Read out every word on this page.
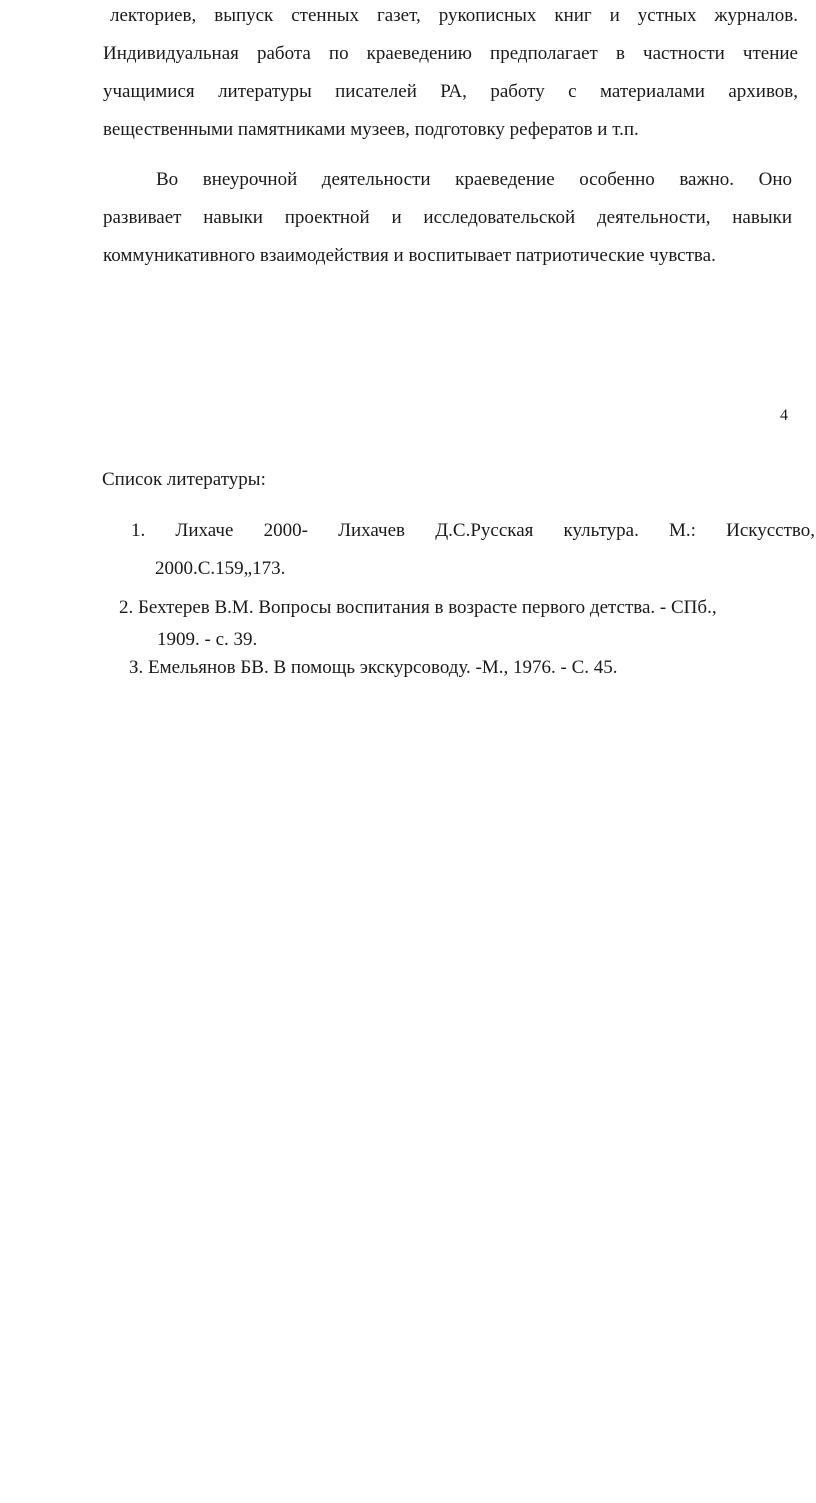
лекториев, выпуск стенных газет, рукописных книг и устных журналов.
Индивидуальная работа по краеведению предполагает в частности чтение
учащимися литературы писателей РА, работу с материалами архивов,
вещественными памятниками музеев, подготовку рефератов и т.п.
Во внеурочной деятельности краеведение особенно важно. Оно
развивает навыки проектной и исследовательской деятельности, навыки
коммуникативного взаимодействия и воспитывает патриотические чувства.
4
Список литературы:
1. Лихаче 2000- Лихачев Д.С.Русская культура. М.: Искусство,
2000.С.159„173.
2. Бехтерев В.М. Вопросы воспитания в возрасте первого детства. - СПб.,
1909. - с. 39.
З. Емельянов БВ. В помощь экскурсоводу. -М., 1976. - С. 45.
